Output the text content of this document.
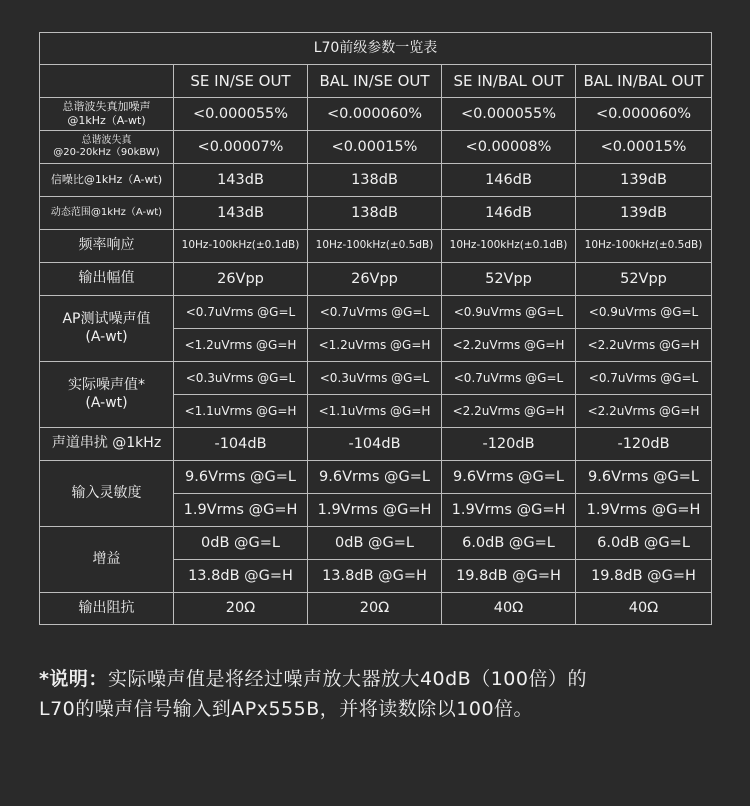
L70前级参数一览表				
	SE IN/SE OUT	BAL IN/SE OUT	SE IN/BAL OUT	BAL IN/BAL OUT

总谐波失真加噪声
@1kHz（A-wt)	<0.000055%	<0.000060%	<0.000055%	<0.000060%

总谐波失真
@20-20kHz（90kBW)	<0.00007%	<0.00015%	<0.00008%	<0.00015%
信噪比@1kHz（A-wt)	143dB	138dB	146dB	139dB
动态范围@1kHz（A-wt)	143dB	138dB	146dB	139dB
频率响应	10Hz-100kHz(±0.1dB)	10Hz-100kHz(±0.5dB)	10Hz-100kHz(±0.1dB)	10Hz-100kHz(±0.5dB)
输出幅值	26Vpp	26Vpp	52Vpp	52Vpp

AP测试噪声值
(A-wt)	<0.7uVrms @G=L	<0.7uVrms @G=L	<0.9uVrms @G=L	<0.9uVrms @G=L
	<1.2uVrms @G=H	<1.2uVrms @G=H	<2.2uVrms @G=H	<2.2uVrms @G=H

实际噪声值*
(A-wt)	<0.3uVrms @G=L	<0.3uVrms @G=L	<0.7uVrms @G=L	<0.7uVrms @G=L
	<1.1uVrms @G=H	<1.1uVrms @G=H	<2.2uVrms @G=H	<2.2uVrms @G=H
声道串扰 @1kHz	-104dB	-104dB	-120dB	-120dB
输入灵敏度	9.6Vrms @G=L	9.6Vrms @G=L	9.6Vrms @G=L	9.6Vrms @G=L
	1.9Vrms @G=H	1.9Vrms @G=H	1.9Vrms @G=H	1.9Vrms @G=H
增益	0dB @G=L	0dB @G=L	6.0dB @G=L	6.0dB @G=L
	13.8dB @G=H	13.8dB @G=H	19.8dB @G=H	19.8dB @G=H
输出阻抗	20Ω	20Ω	40Ω	40Ω

*说明：实际噪声值是将经过噪声放大器放大40dB（100倍）的
L70的噪声信号输入到APx555B，并将读数除以100倍。
